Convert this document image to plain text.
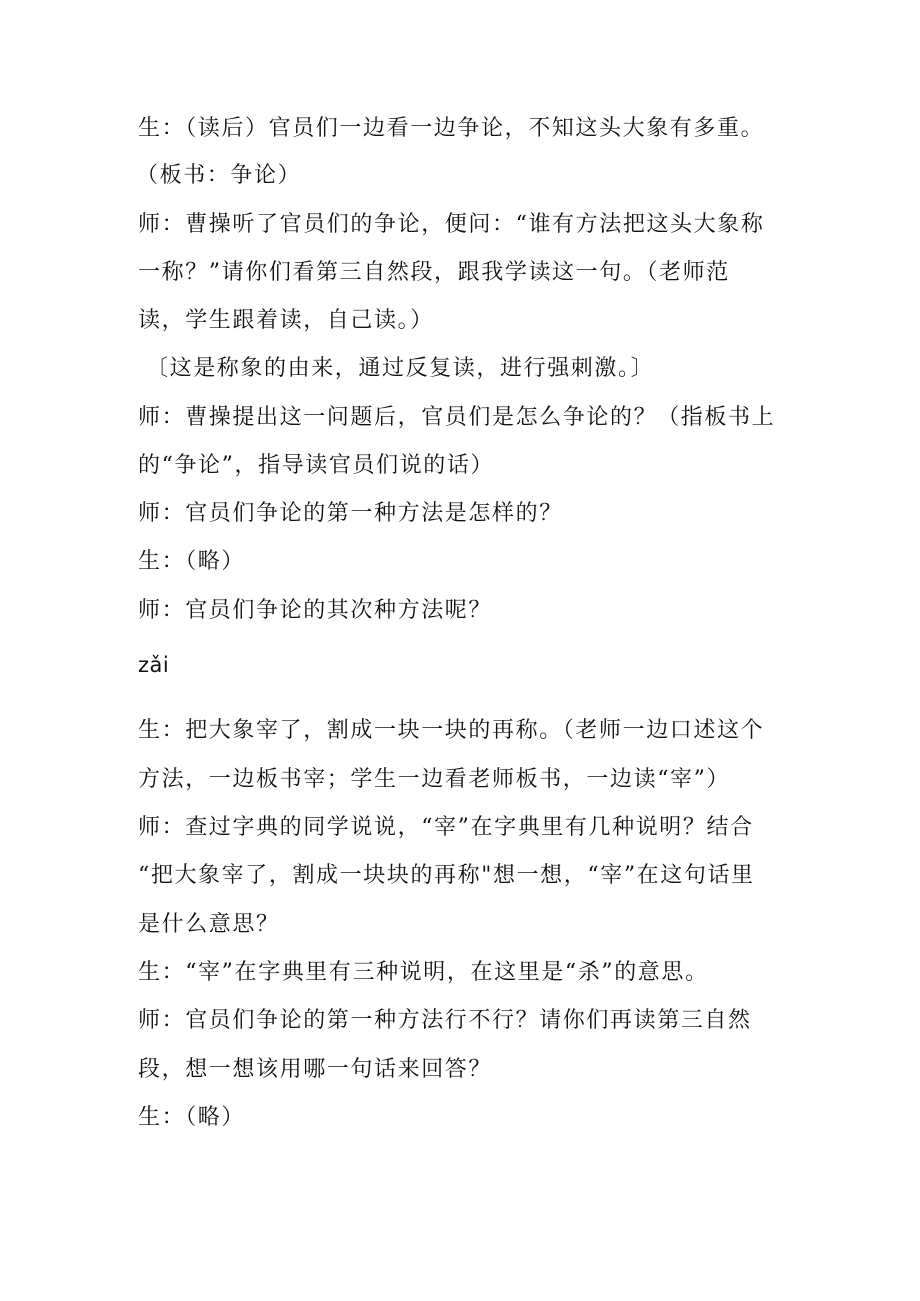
生：（读后）官员们一边看一边争论，不知这头大象有多重。
（板书：争论）
师：曹操听了官员们的争论，便问：“谁有方法把这头大象称
一称？”请你们看第三自然段，跟我学读这一句。（老师范
读，学生跟着读，自己读。）
〔这是称象的由来，通过反复读，进行强刺激。〕
师：曹操提出这一问题后，官员们是怎么争论的？（指板书上
的“争论”，指导读官员们说的话）
师：官员们争论的第一种方法是怎样的？
生：（略）
师：官员们争论的其次种方法呢？
zǎi
生：把大象宰了，割成一块一块的再称。（老师一边口述这个
方法，一边板书宰；学生一边看老师板书，一边读“宰”）
师：查过字典的同学说说，“宰”在字典里有几种说明？结合
“把大象宰了，割成一块块的再称"想一想，“宰”在这句话里
是什么意思？
生：“宰”在字典里有三种说明，在这里是“杀”的意思。
师：官员们争论的第一种方法行不行？请你们再读第三自然
段，想一想该用哪一句话来回答？
生：（略）
